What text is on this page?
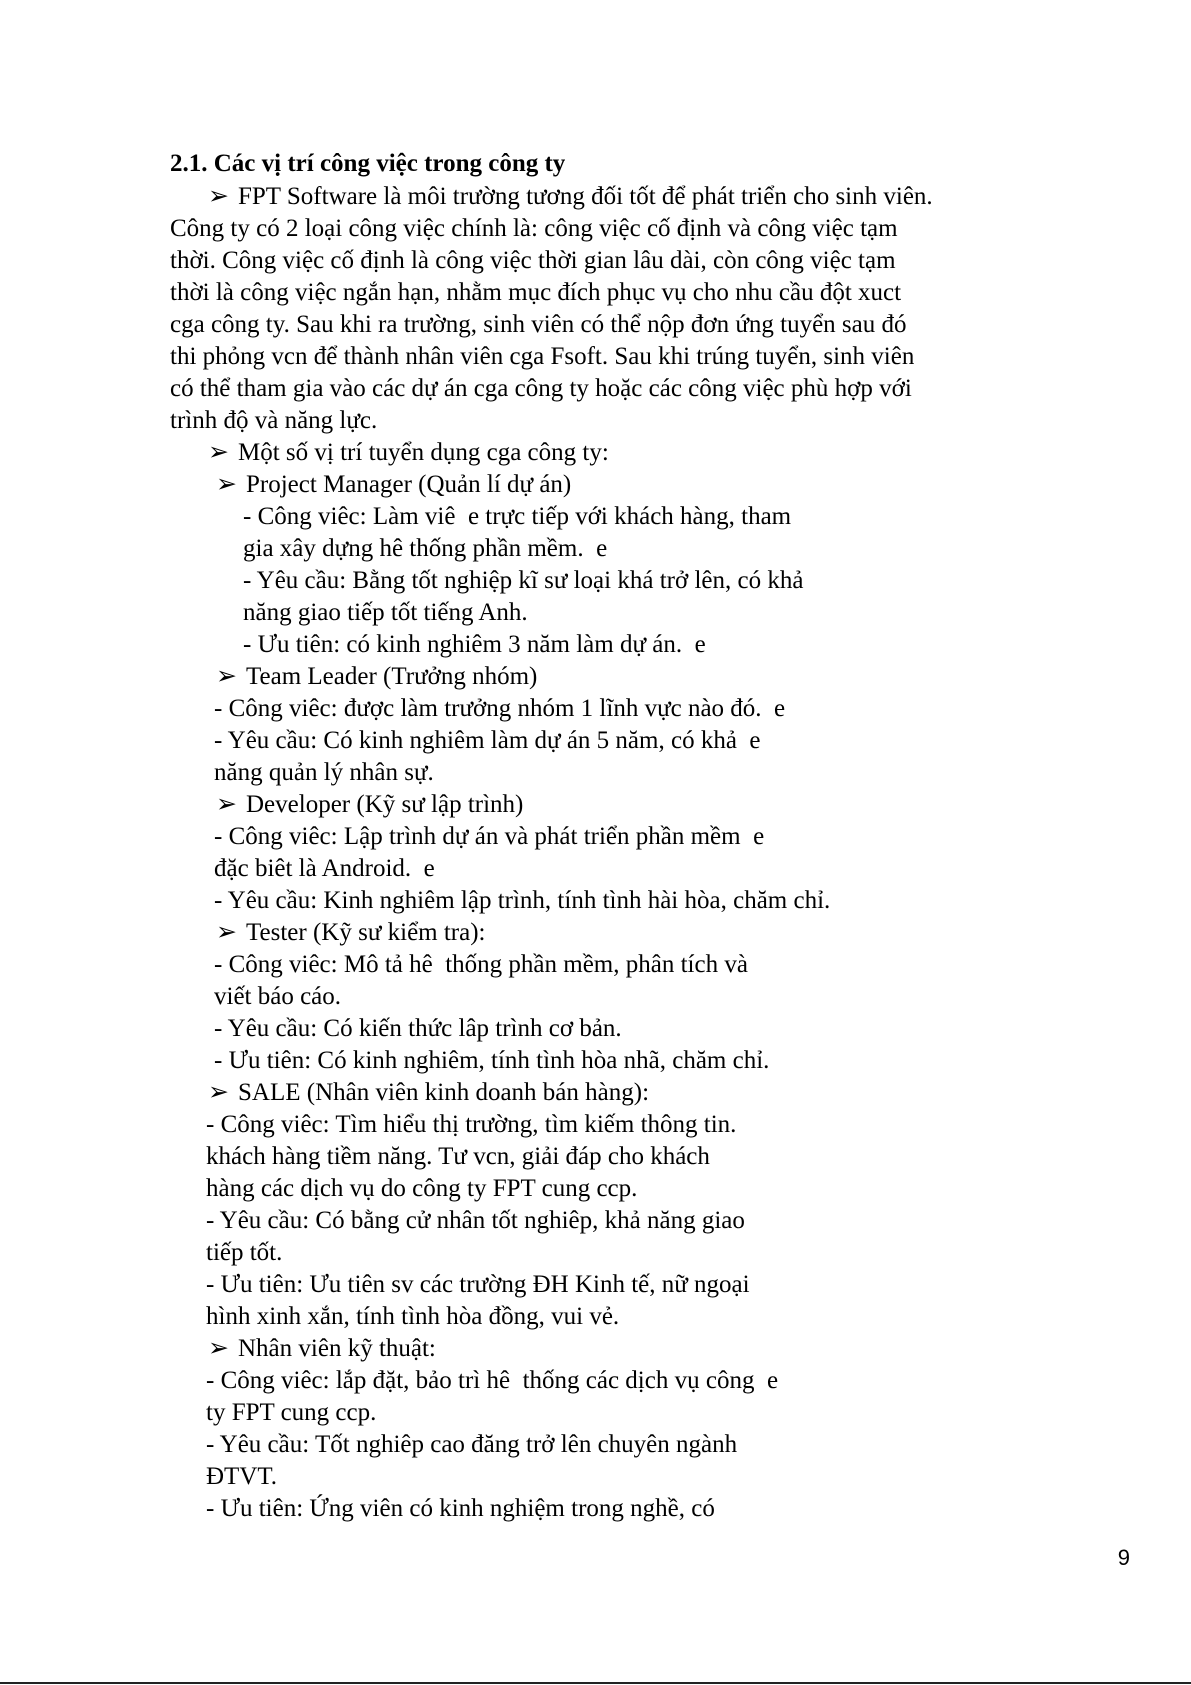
2.1. Các vị trí công việc trong công ty
➢ FPT Software là môi trường tương đối tốt để phát triển cho sinh viên.
Công ty có 2 loại công việc chính là: công việc cố định và công việc tạm
thời. Công việc cố định là công việc thời gian lâu dài, còn công việc tạm
thời là công việc ngắn hạn, nhằm mục đích phục vụ cho nhu cầu đột xuct
cga công ty. Sau khi ra trường, sinh viên có thể nộp đơn ứng tuyển sau đó
thi phỏng vcn để thành nhân viên cga Fsoft. Sau khi trúng tuyển, sinh viên
có thể tham gia vào các dự án cga công ty hoặc các công việc phù hợp với
trình độ và năng lực.
➢ Một số vị trí tuyển dụng cga công ty:
➢ Project Manager (Quản lí dự án)
- Công viêc: Làm viê  e trực tiếp với khách hàng, tham
gia xây dựng hê thống phần mềm.  e
- Yêu cầu: Bằng tốt nghiệp kĩ sư loại khá trở lên, có khả
năng giao tiếp tốt tiếng Anh.
- Ưu tiên: có kinh nghiêm 3 năm làm dự án.  e
➢ Team Leader (Trưởng nhóm)
- Công viêc: được làm trưởng nhóm 1 lĩnh vực nào đó.  e
- Yêu cầu: Có kinh nghiêm làm dự án 5 năm, có khả  e
năng quản lý nhân sự.
➢ Developer (Kỹ sư lập trình)
- Công viêc: Lập trình dự án và phát triển phần mềm  e
đặc biêt là Android.  e
- Yêu cầu: Kinh nghiêm lập trình, tính tình hài hòa, chăm chỉ.
➢ Tester (Kỹ sư kiểm tra):
- Công viêc: Mô tả hê  thống phần mềm, phân tích và
viết báo cáo.
- Yêu cầu: Có kiến thức lâp trình cơ bản.
- Ưu tiên: Có kinh nghiêm, tính tình hòa nhã, chăm chỉ.
➢ SALE (Nhân viên kinh doanh bán hàng):
- Công viêc: Tìm hiểu thị trường, tìm kiếm thông tin.
khách hàng tiềm năng. Tư vcn, giải đáp cho khách
hàng các dịch vụ do công ty FPT cung ccp.
- Yêu cầu: Có bằng cử nhân tốt nghiêp, khả năng giao
tiếp tốt.
- Ưu tiên: Ưu tiên sv các trường ĐH Kinh tế, nữ ngoại
hình xinh xắn, tính tình hòa đồng, vui vẻ.
➢ Nhân viên kỹ thuật:
- Công viêc: lắp đặt, bảo trì hê  thống các dịch vụ công  e
ty FPT cung ccp.
- Yêu cầu: Tốt nghiêp cao đăng trở lên chuyên ngành
ĐTVT.
- Ưu tiên: Ứng viên có kinh nghiệm trong nghề, có
9
